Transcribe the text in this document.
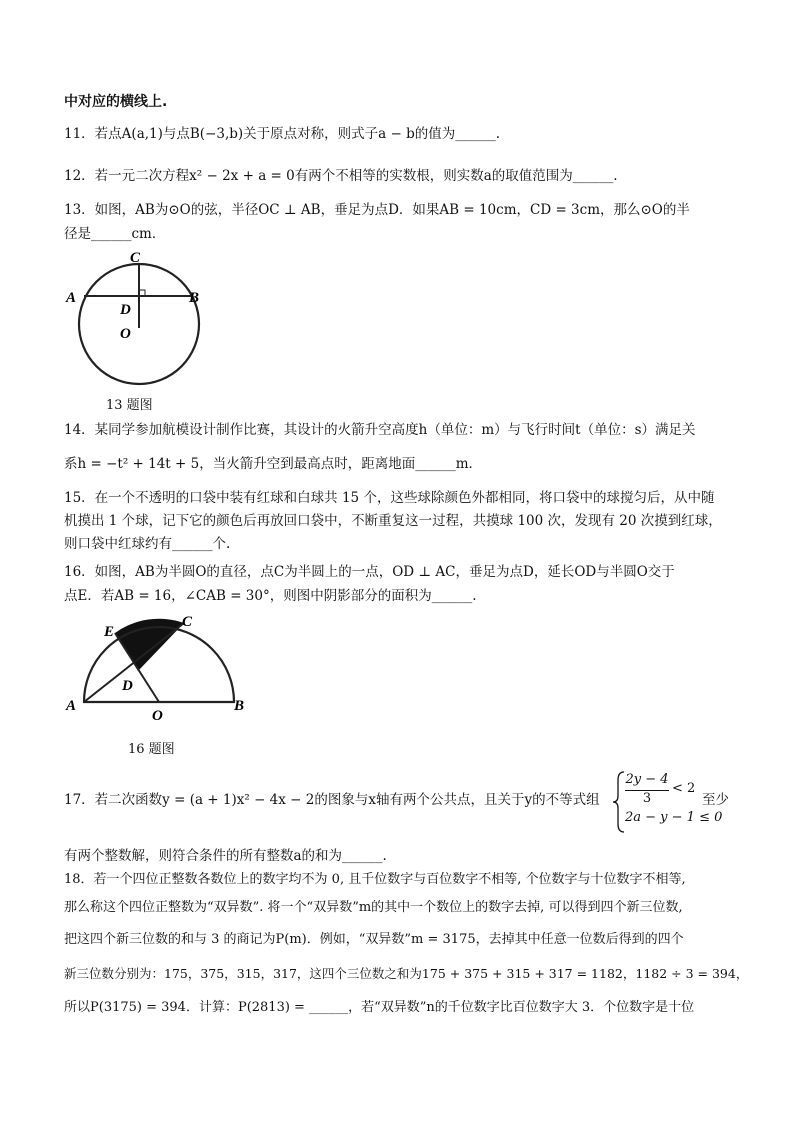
中对应的横线上.
11．若点A(a,1)与点B(−3,b)关于原点对称，则式子a − b的值为______.
12．若一元二次方程x² − 2x + a = 0有两个不相等的实数根，则实数a的取值范围为______.
13．如图，AB为⊙O的弦，半径OC ⊥ AB，垂足为点D．如果AB = 10cm，CD = 3cm，那么⊙O的半
径是______cm．
C
A
D
B
O
13 题图
14．某同学参加航模设计制作比赛，其设计的火箭升空高度h（单位：m）与飞行时间t（单位：s）满足关
系h = −t² + 14t + 5，当火箭升空到最高点时，距离地面______m．
15．在一个不透明的口袋中装有红球和白球共 15 个，这些球除颜色外都相同，将口袋中的球搅匀后，从中随
机摸出 1 个球，记下它的颜色后再放回口袋中，不断重复这一过程，共摸球 100 次，发现有 20 次摸到红球，
则口袋中红球约有______个.
16．如图，AB为半圆O的直径，点C为半圆上的一点，OD ⊥ AC，垂足为点D，延长OD与半圆O交于
点E．若AB = 16，∠CAB = 30°，则图中阴影部分的面积为______.
E
C
D
A
O
B
16 题图
17．若二次函数y = (a + 1)x² − 4x − 2的图象与x轴有两个公共点，且关于y的不等式组
2y − 4
3
< 2
2a − y − 1 ≤ 0
至少
有两个整数解，则符合条件的所有整数a的和为______.
18．若一个四位正整数各数位上的数字均不为 0, 且千位数字与百位数字不相等, 个位数字与十位数字不相等,
那么称这个四位正整数为“双异数”. 将一个“双异数”m的其中一个数位上的数字去掉, 可以得到四个新三位数,
把这四个新三位数的和与 3 的商记为P(m)．例如，“双异数”m = 3175，去掉其中任意一位数后得到的四个
新三位数分别为：175，375，315，317，这四个三位数之和为175 + 375 + 315 + 317 = 1182，1182 ÷ 3 = 394，
所以P(3175) = 394．计算：P(2813) = ______，若“双异数”n的千位数字比百位数字大 3．个位数字是十位
